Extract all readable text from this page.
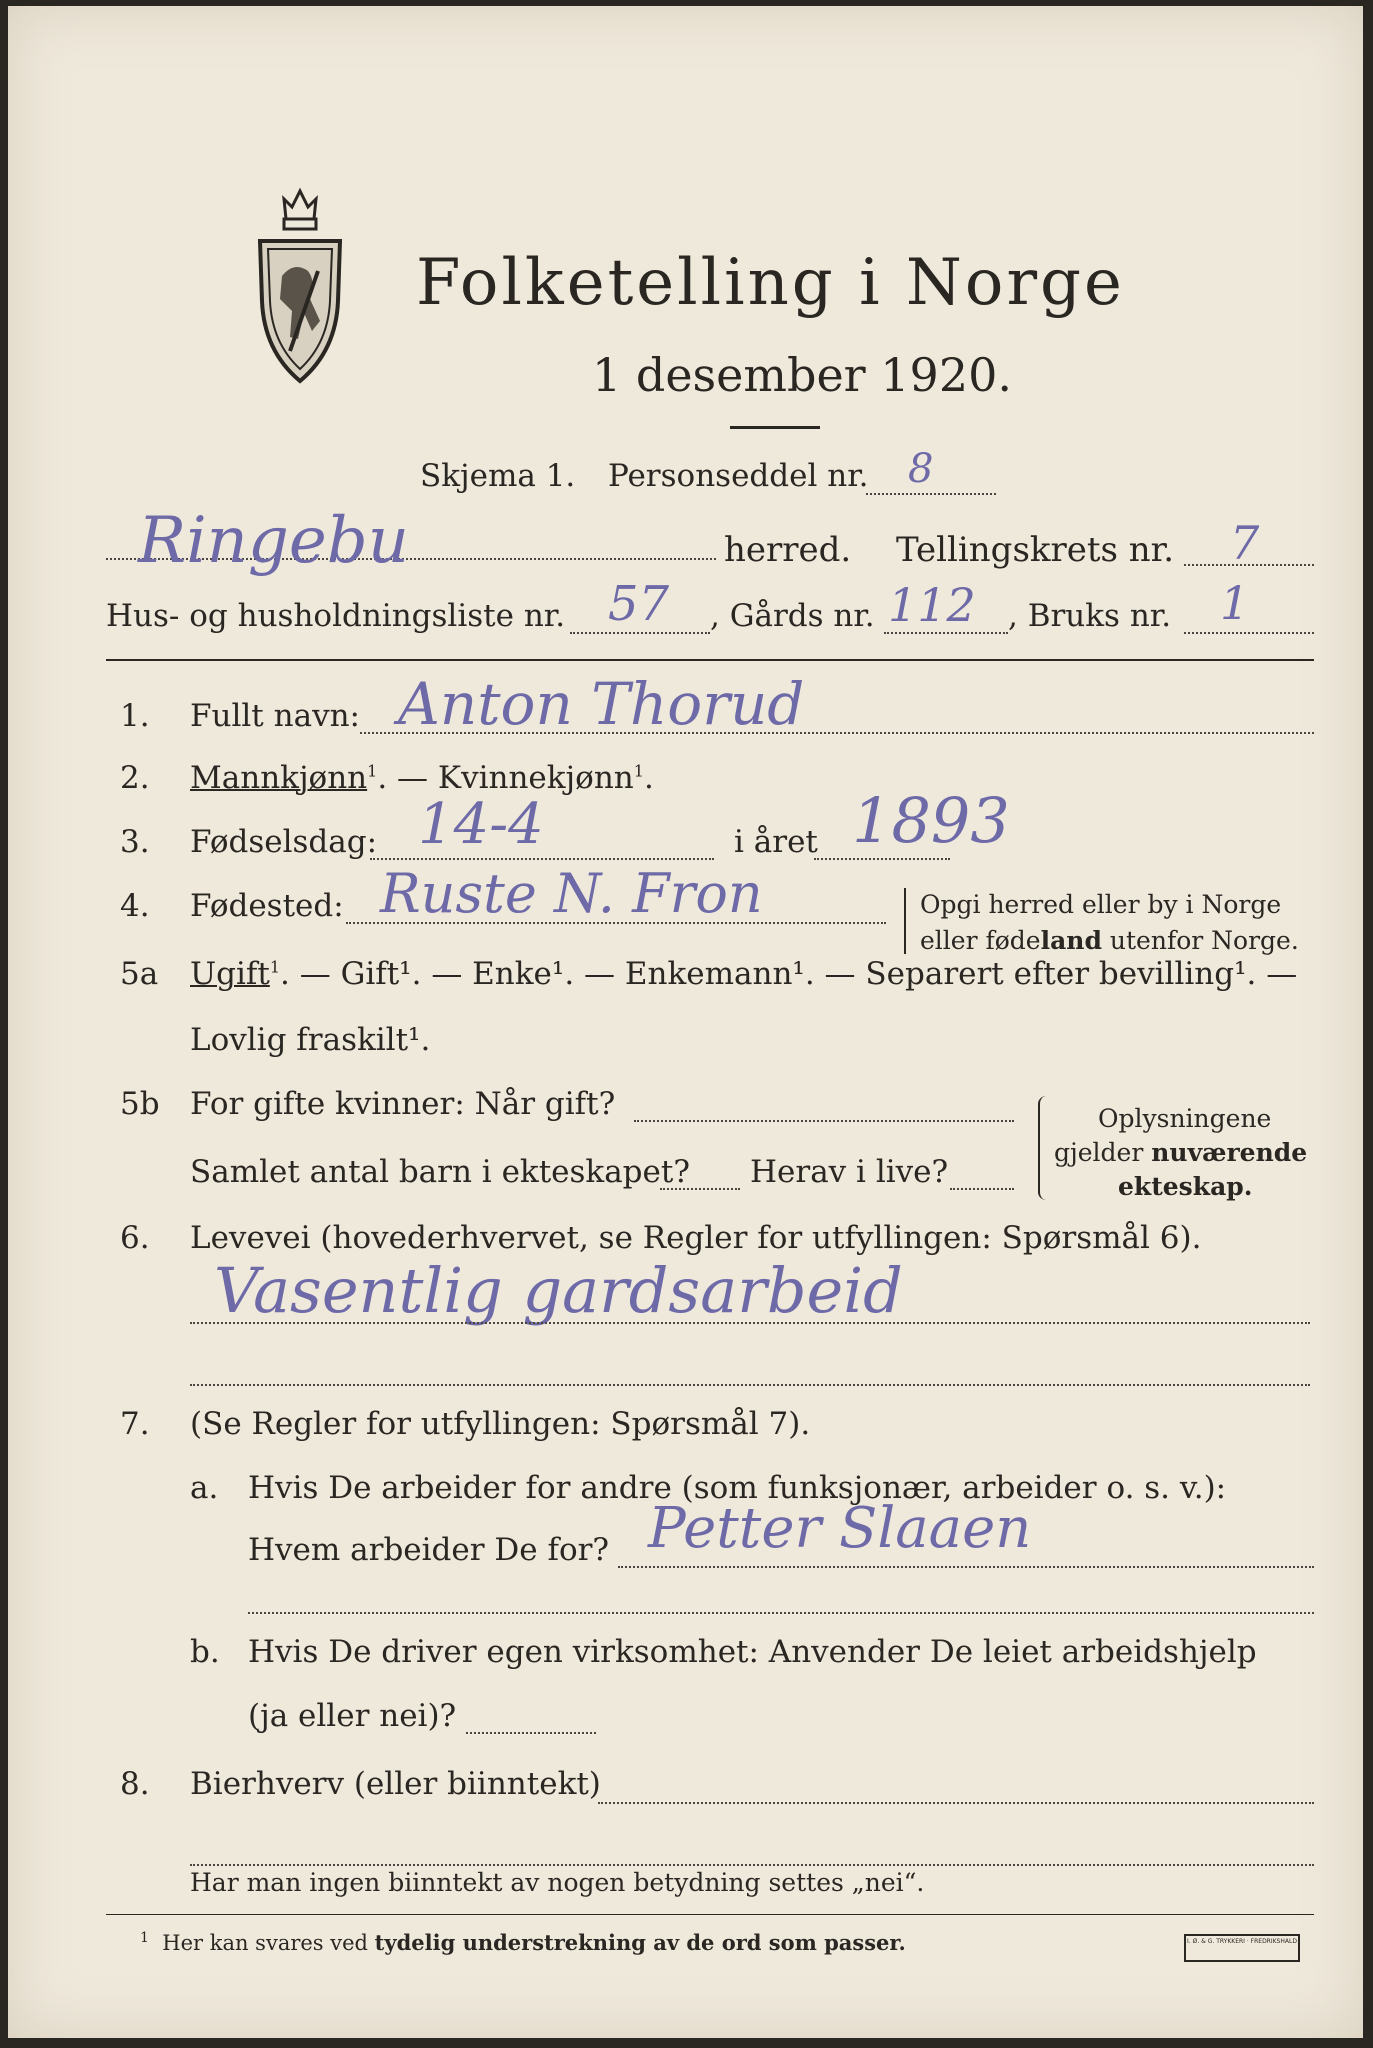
Folketelling i Norge
1 desember 1920.
Skjema 1. Personseddel nr. 8
Ringebu	herred. Tellingskrets nr. 7
Hus- og husholdningsliste nr. 57 , Gårds nr. 112 , Bruks nr. 1
1. Fullt navn: Anton Thorud
2. Mannkjønn$^1$. — Kvinnekjønn$^1$.
3. Fødselsdag: 14-4	i året 1893
4. Fødested: Ruste N. Fron	Opgi herred eller by i Norge
eller fødeland utenfor Norge.
5a Ugift$^1$. — Gift¹. — Enke¹. — Enkemann¹. — Separert efter bevilling¹. —
Lovlig fraskilt¹.
5b For gifte kvinner: Når gift?
Samlet antal barn i ekteskapet? Herav i live?
Oplysningene
gjelder nuværende
ekteskap.
6. Levevei (hovederhvervet, se Regler for utfyllingen: Spørsmål 6).
Vasentlig gardsarbeid
7. (Se Regler for utfyllingen: Spørsmål 7).
a. Hvis De arbeider for andre (som funksjonær, arbeider o. s. v.):
Hvem arbeider De for? Petter Slaaen
b. Hvis De driver egen virksomhet: Anvender De leiet arbeidshjelp
(ja eller nei)?
8. Bierhverv (eller biinntekt)
Har man ingen biinntekt av nogen betydning settes „nei“.
$^1$ Her kan svares ved tydelig understrekning av de ord som passer.	I. Ø. & G. TRYKKERI · FREDRIKSHALD
